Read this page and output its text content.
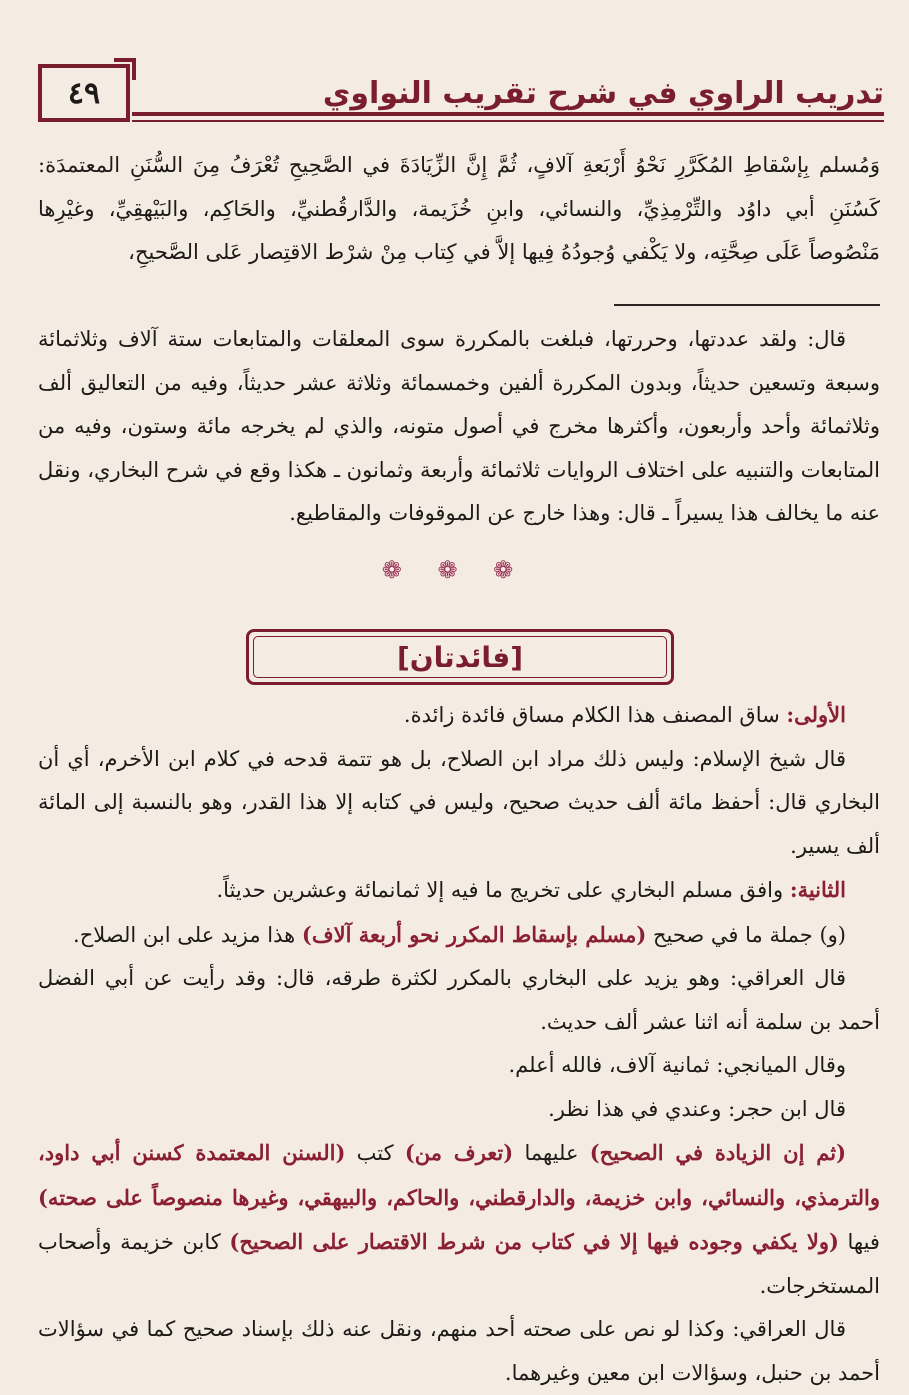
٤٩	تدريب الراوي في شرح تقريب النواوي

وَمُسلم بِإسْقاطِ المُكَرَّرِ نَحْوُ أَرْبَعةِ آلافٍ، ثُمَّ إِنَّ الزِّيَادَةَ في الصَّحِيحِ تُعْرَفُ مِنَ السُّنَنِ المعتمدَة: كَسُنَنِ أبي داوُد والتِّرْمِذِيِّ، والنسائي، وابنِ خُزَيمة، والدَّارقُطنيِّ، والحَاكِم، والبَيْهقِيِّ، وغيْرِها مَنْصُوصاً عَلَى صِحَّتِه، ولا يَكْفي وُجودُهُ فِيها إلاَّ في كِتاب مِنْ شرْط الاقتِصار عَلى الصَّحيحِ،

قال: ولقد عددتها، وحررتها، فبلغت بالمكررة سوى المعلقات والمتابعات ستة آلاف وثلاثمائة وسبعة وتسعين حديثاً، وبدون المكررة ألفين وخمسمائة وثلاثة عشر حديثاً، وفيه من التعاليق ألف وثلاثمائة وأحد وأربعون، وأكثرها مخرج في أصول متونه، والذي لم يخرجه مائة وستون، وفيه من المتابعات والتنبيه على اختلاف الروايات ثلاثمائة وأربعة وثمانون ـ هكذا وقع في شرح البخاري، ونقل عنه ما يخالف هذا يسيراً ـ قال: وهذا خارج عن الموقوفات والمقاطيع.

❁ ❁ ❁
[فائدتان]

الأولى: ساق المصنف هذا الكلام مساق فائدة زائدة.

قال شيخ الإسلام: وليس ذلك مراد ابن الصلاح، بل هو تتمة قدحه في كلام ابن الأخرم، أي أن البخاري قال: أحفظ مائة ألف حديث صحيح، وليس في كتابه إلا هذا القدر، وهو بالنسبة إلى المائة ألف يسير.

الثانية: وافق مسلم البخاري على تخريج ما فيه إلا ثمانمائة وعشرين حديثاً.

(و) جملة ما في صحيح (مسلم بإسقاط المكرر نحو أربعة آلاف) هذا مزيد على ابن الصلاح.

قال العراقي: وهو يزيد على البخاري بالمكرر لكثرة طرقه، قال: وقد رأيت عن أبي الفضل أحمد بن سلمة أنه اثنا عشر ألف حديث.

وقال الميانجي: ثمانية آلاف، فالله أعلم.

قال ابن حجر: وعندي في هذا نظر.

(ثم إن الزيادة في الصحيح) عليهما (تعرف من) كتب (السنن المعتمدة كسنن أبي داود، والترمذي، والنسائي، وابن خزيمة، والدارقطني، والحاكم، والبيهقي، وغيرها منصوصاً على صحته) فيها (ولا يكفي وجوده فيها إلا في كتاب من شرط الاقتصار على الصحيح) كابن خزيمة وأصحاب المستخرجات.

قال العراقي: وكذا لو نص على صحته أحد منهم، ونقل عنه ذلك بإسناد صحيح كما في سؤالات أحمد بن حنبل، وسؤالات ابن معين وغيرهما.
